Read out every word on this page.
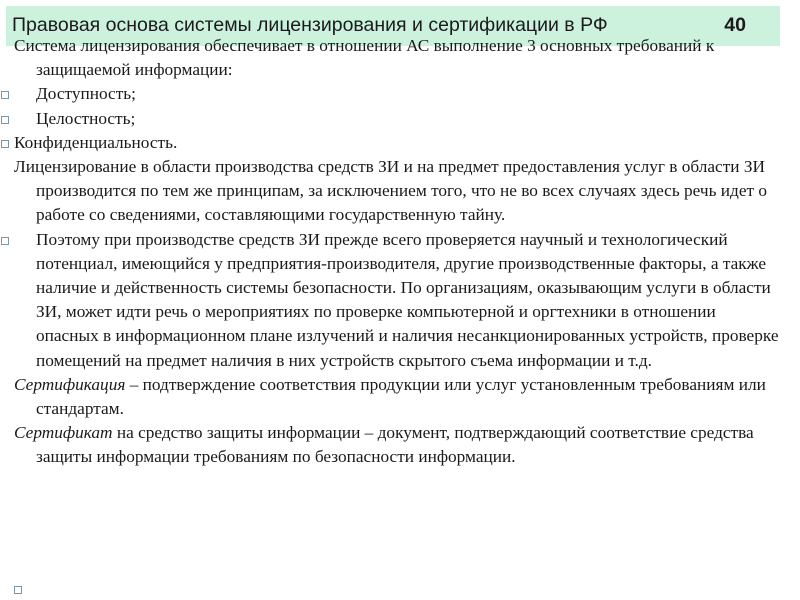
Правовая основа системы лицензирования и сертификации в РФ	40

Система лицензирования обеспечивает в отношении АС выполнение 3 основных требований к защищаемой информации:

Доступность;

Целостность;

Конфиденциальность.

Лицензирование в области производства средств ЗИ и на предмет предоставления услуг в области ЗИ производится по тем же принципам, за исключением того, что не во всех случаях здесь речь идет о работе со сведениями, составляющими государственную тайну.

Поэтому при производстве средств ЗИ прежде всего проверяется научный и технологический потенциал, имеющийся у предприятия-производителя, другие производственные факторы, а также наличие и действенность системы безопасности. По организациям, оказывающим услуги в области ЗИ, может идти речь о мероприятиях по проверке компьютерной и оргтехники в отношении опасных в информационном плане излучений и наличия несанкционированных устройств, проверке помещений на предмет наличия в них устройств скрытого съема информации и т.д.

Сертификация – подтверждение соответствия продукции или услуг установленным требованиям или стандартам.

Сертификат на средство защиты информации – документ, подтверждающий соответствие средства защиты информации требованиям по безопасности информации.
